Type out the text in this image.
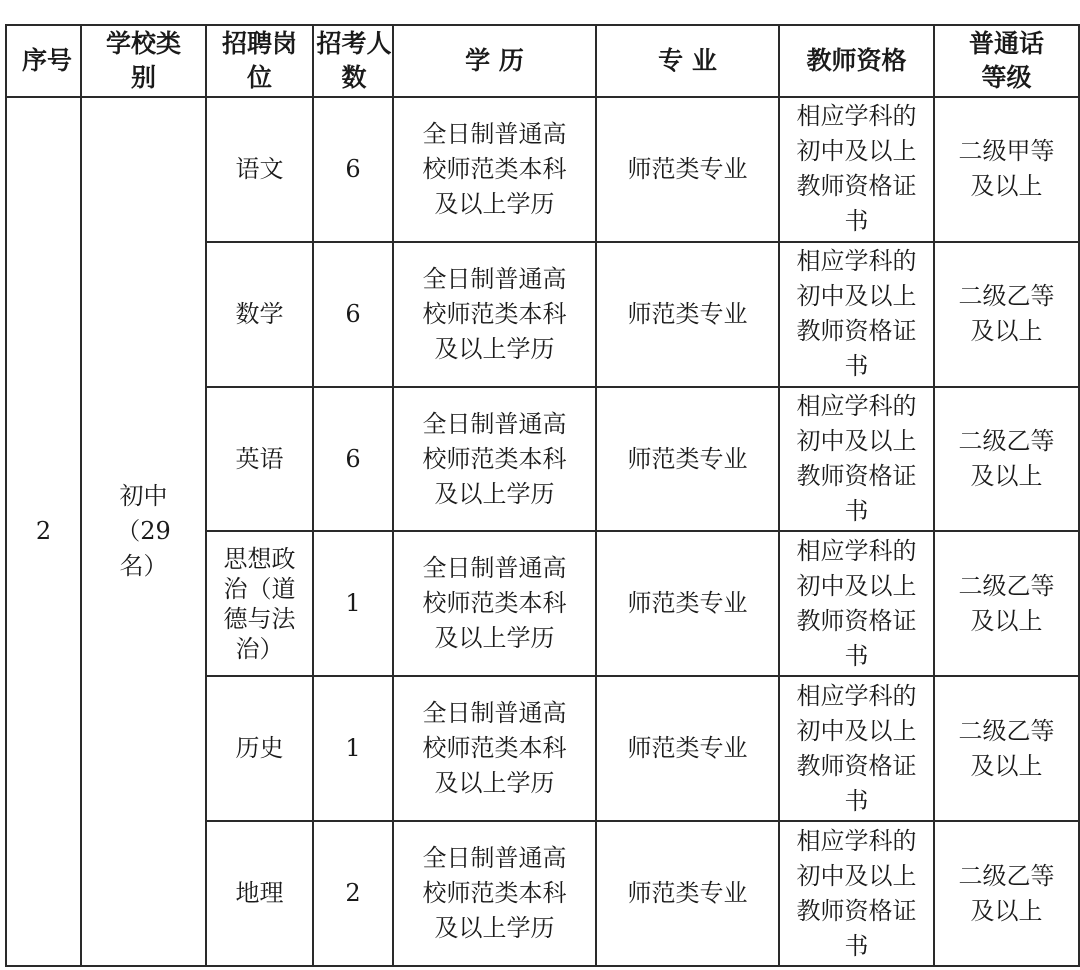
序号	学校类别	招聘岗位	招考人数	学 历	专 业	教师资格	普通话等级

2	初中（29名）	语文	6	全日制普通高校师范类本科及以上学历	师范类专业	相应学科的初中及以上教师资格证书	二级甲等及以上

		数学	6	全日制普通高校师范类本科及以上学历	师范类专业	相应学科的初中及以上教师资格证书	二级乙等及以上

		英语	6	全日制普通高校师范类本科及以上学历	师范类专业	相应学科的初中及以上教师资格证书	二级乙等及以上

		思想政治（道德与法治）	1	全日制普通高校师范类本科及以上学历	师范类专业	相应学科的初中及以上教师资格证书	二级乙等及以上

		历史	1	全日制普通高校师范类本科及以上学历	师范类专业	相应学科的初中及以上教师资格证书	二级乙等及以上

		地理	2	全日制普通高校师范类本科及以上学历	师范类专业	相应学科的初中及以上教师资格证书	二级乙等及以上
